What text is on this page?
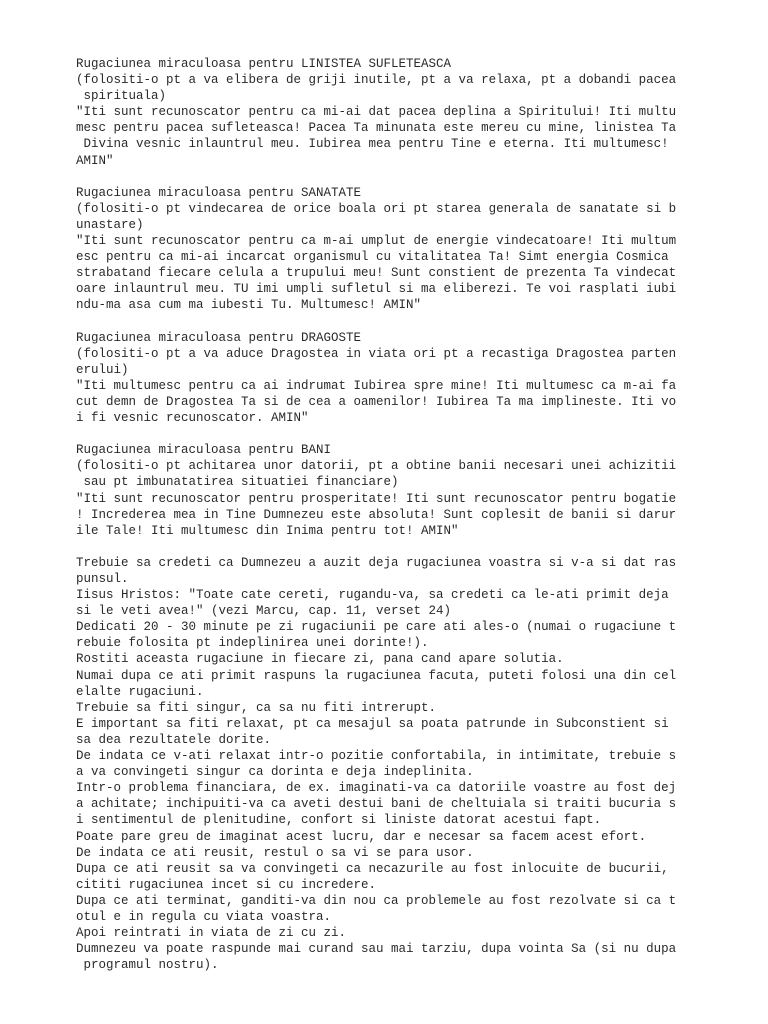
Rugaciunea miraculoasa pentru LINISTEA SUFLETEASCA
(folositi-o pt a va elibera de griji inutile, pt a va relaxa, pt a dobandi pacea
spirituala)
"Iti sunt recunoscator pentru ca mi-ai dat pacea deplina a Spiritului! Iti multu
mesc pentru pacea sufleteasca! Pacea Ta minunata este mereu cu mine, linistea Ta
Divina vesnic inlauntrul meu. Iubirea mea pentru Tine e eterna. Iti multumesc!
AMIN"
Rugaciunea miraculoasa pentru SANATATE
(folositi-o pt vindecarea de orice boala ori pt starea generala de sanatate si b
unastare)
"Iti sunt recunoscator pentru ca m-ai umplut de energie vindecatoare! Iti multum
esc pentru ca mi-ai incarcat organismul cu vitalitatea Ta! Simt energia Cosmica
strabatand fiecare celula a trupului meu! Sunt constient de prezenta Ta vindecat
oare inlauntrul meu. TU imi umpli sufletul si ma eliberezi. Te voi rasplati iubi
ndu-ma asa cum ma iubesti Tu. Multumesc! AMIN"
Rugaciunea miraculoasa pentru DRAGOSTE
(folositi-o pt a va aduce Dragostea in viata ori pt a recastiga Dragostea parten
erului)
"Iti multumesc pentru ca ai indrumat Iubirea spre mine! Iti multumesc ca m-ai fa
cut demn de Dragostea Ta si de cea a oamenilor! Iubirea Ta ma implineste. Iti vo
i fi vesnic recunoscator. AMIN"
Rugaciunea miraculoasa pentru BANI
(folositi-o pt achitarea unor datorii, pt a obtine banii necesari unei achizitii
sau pt imbunatatirea situatiei financiare)
"Iti sunt recunoscator pentru prosperitate! Iti sunt recunoscator pentru bogatie
! Increderea mea in Tine Dumnezeu este absoluta! Sunt coplesit de banii si darur
ile Tale! Iti multumesc din Inima pentru tot! AMIN"
Trebuie sa credeti ca Dumnezeu a auzit deja rugaciunea voastra si v-a si dat ras
punsul.
Iisus Hristos: "Toate cate cereti, rugandu-va, sa credeti ca le-ati primit deja
si le veti avea!" (vezi Marcu, cap. 11, verset 24)
Dedicati 20 - 30 minute pe zi rugaciunii pe care ati ales-o (numai o rugaciune t
rebuie folosita pt indeplinirea unei dorinte!).
Rostiti aceasta rugaciune in fiecare zi, pana cand apare solutia.
Numai dupa ce ati primit raspuns la rugaciunea facuta, puteti folosi una din cel
elalte rugaciuni.
Trebuie sa fiti singur, ca sa nu fiti intrerupt.
E important sa fiti relaxat, pt ca mesajul sa poata patrunde in Subconstient si
sa dea rezultatele dorite.
De indata ce v-ati relaxat intr-o pozitie confortabila, in intimitate, trebuie s
a va convingeti singur ca dorinta e deja indeplinita.
Intr-o problema financiara, de ex. imaginati-va ca datoriile voastre au fost dej
a achitate; inchipuiti-va ca aveti destui bani de cheltuiala si traiti bucuria s
i sentimentul de plenitudine, confort si liniste datorat acestui fapt.
Poate pare greu de imaginat acest lucru, dar e necesar sa facem acest efort.
De indata ce ati reusit, restul o sa vi se para usor.
Dupa ce ati reusit sa va convingeti ca necazurile au fost inlocuite de bucurii,
cititi rugaciunea incet si cu incredere.
Dupa ce ati terminat, ganditi-va din nou ca problemele au fost rezolvate si ca t
otul e in regula cu viata voastra.
Apoi reintrati in viata de zi cu zi.
Dumnezeu va poate raspunde mai curand sau mai tarziu, dupa vointa Sa (si nu dupa
programul nostru).
